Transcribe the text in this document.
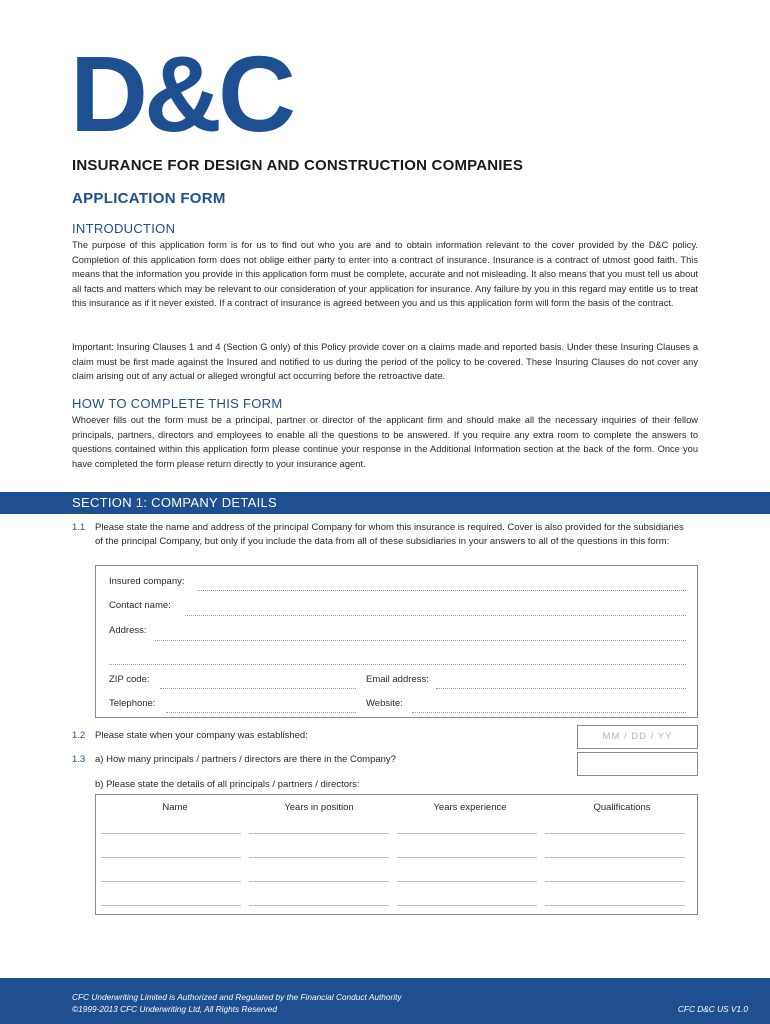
D&C
INSURANCE FOR DESIGN AND CONSTRUCTION COMPANIES
APPLICATION FORM
INTRODUCTION
The purpose of this application form is for us to find out who you are and to obtain information relevant to the cover provided by the D&C policy. Completion of this application form does not oblige either party to enter into a contract of insurance. Insurance is a contract of utmost good faith. This means that the information you provide in this application form must be complete, accurate and not misleading. It also means that you must tell us about all facts and matters which may be relevant to our consideration of your application for insurance. Any failure by you in this regard may entitle us to treat this insurance as if it never existed. If a contract of insurance is agreed between you and us this application form will form the basis of the contract.
Important: Insuring Clauses 1 and 4 (Section G only) of this Policy provide cover on a claims made and reported basis. Under these Insuring Clauses a claim must be first made against the Insured and notified to us during the period of the policy to be covered. These Insuring Clauses do not cover any claim arising out of any actual or alleged wrongful act occurring before the retroactive date.
HOW TO COMPLETE THIS FORM
Whoever fills out the form must be a principal, partner or director of the applicant firm and should make all the necessary inquiries of their fellow principals, partners, directors and employees to enable all the questions to be answered. If you require any extra room to complete the answers to questions contained within this application form please continue your response in the Additional Information section at the back of the form. Once you have completed the form please return directly to your insurance agent.
SECTION 1: COMPANY DETAILS
1.1 Please state the name and address of the principal Company for whom this insurance is required. Cover is also provided for the subsidiaries of the principal Company, but only if you include the data from all of these subsidiaries in your answers to all of the questions in this form:
Insured company:
Contact name:
Address:
ZIP code:	Email address:
Telephone:	Website:
1.2 Please state when your company was established:	MM / DD / YY
1.3 a) How many principals / partners / directors are there in the Company?
b) Please state the details of all principals / partners / directors:
Name	Years in position	Years experience	Qualifications
CFC Underwriting Limited is Authorized and Regulated by the Financial Conduct Authority
©1999-2013 CFC Underwriting Ltd, All Rights Reserved	CFC D&C US V1.0
